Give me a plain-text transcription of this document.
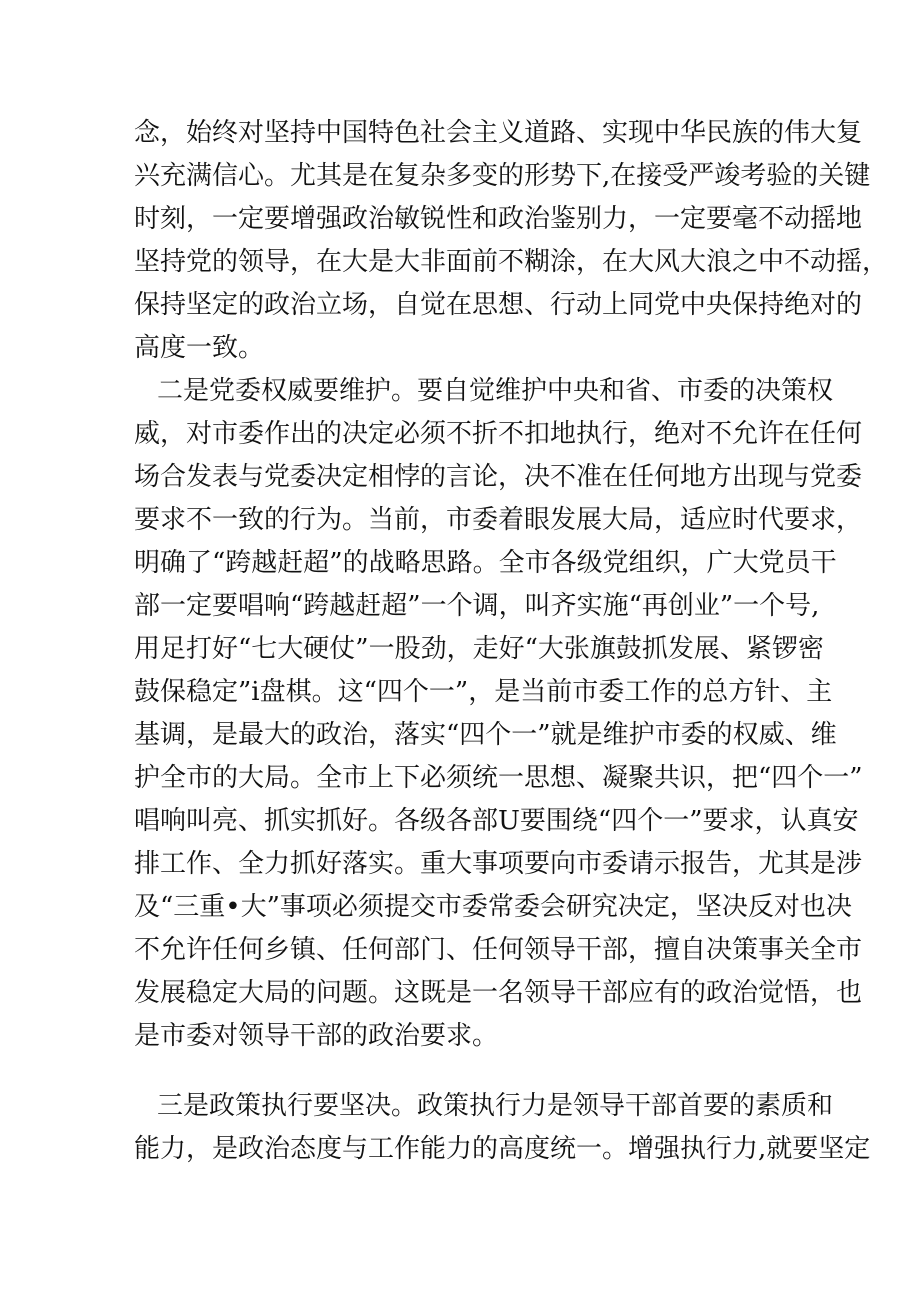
念，始终对坚持中国特色社会主义道路、实现中华民族的伟大复
兴充满信心。尤其是在复杂多变的形势下,在接受严竣考验的关键
时刻，一定要增强政治敏锐性和政治鉴别力，一定要毫不动摇地
坚持党的领导，在大是大非面前不糊涂，在大风大浪之中不动摇，
保持坚定的政治立场，自觉在思想、行动上同党中央保持绝对的
高度一致。
二是党委权威要维护。要自觉维护中央和省、市委的决策权
威，对市委作出的决定必须不折不扣地执行，绝对不允许在任何
场合发表与党委决定相悖的言论，决不准在任何地方出现与党委
要求不一致的行为。当前，市委着眼发展大局，适应时代要求，
明确了“跨越赶超”的战略思路。全市各级党组织，广大党员干
部一定要唱响“跨越赶超”一个调，叫齐实施“再创业”一个号,
用足打好“七大硬仗”一股劲，走好“大张旗鼓抓发展、紧锣密
鼓保稳定”i盘棋。这“四个一”，是当前市委工作的总方针、主
基调，是最大的政治，落实“四个一”就是维护市委的权威、维
护全市的大局。全市上下必须统一思想、凝聚共识，把“四个一”
唱响叫亮、抓实抓好。各级各部U要围绕“四个一”要求，认真安
排工作、全力抓好落实。重大事项要向市委请示报告，尤其是涉
及“三重•大”事项必须提交市委常委会研究决定，坚决反对也决
不允许任何乡镇、任何部门、任何领导干部，擅自决策事关全市
发展稳定大局的问题。这既是一名领导干部应有的政治觉悟，也
是市委对领导干部的政治要求。
三是政策执行要坚决。政策执行力是领导干部首要的素质和
能力，是政治态度与工作能力的高度统一。增强执行力,就要坚定
